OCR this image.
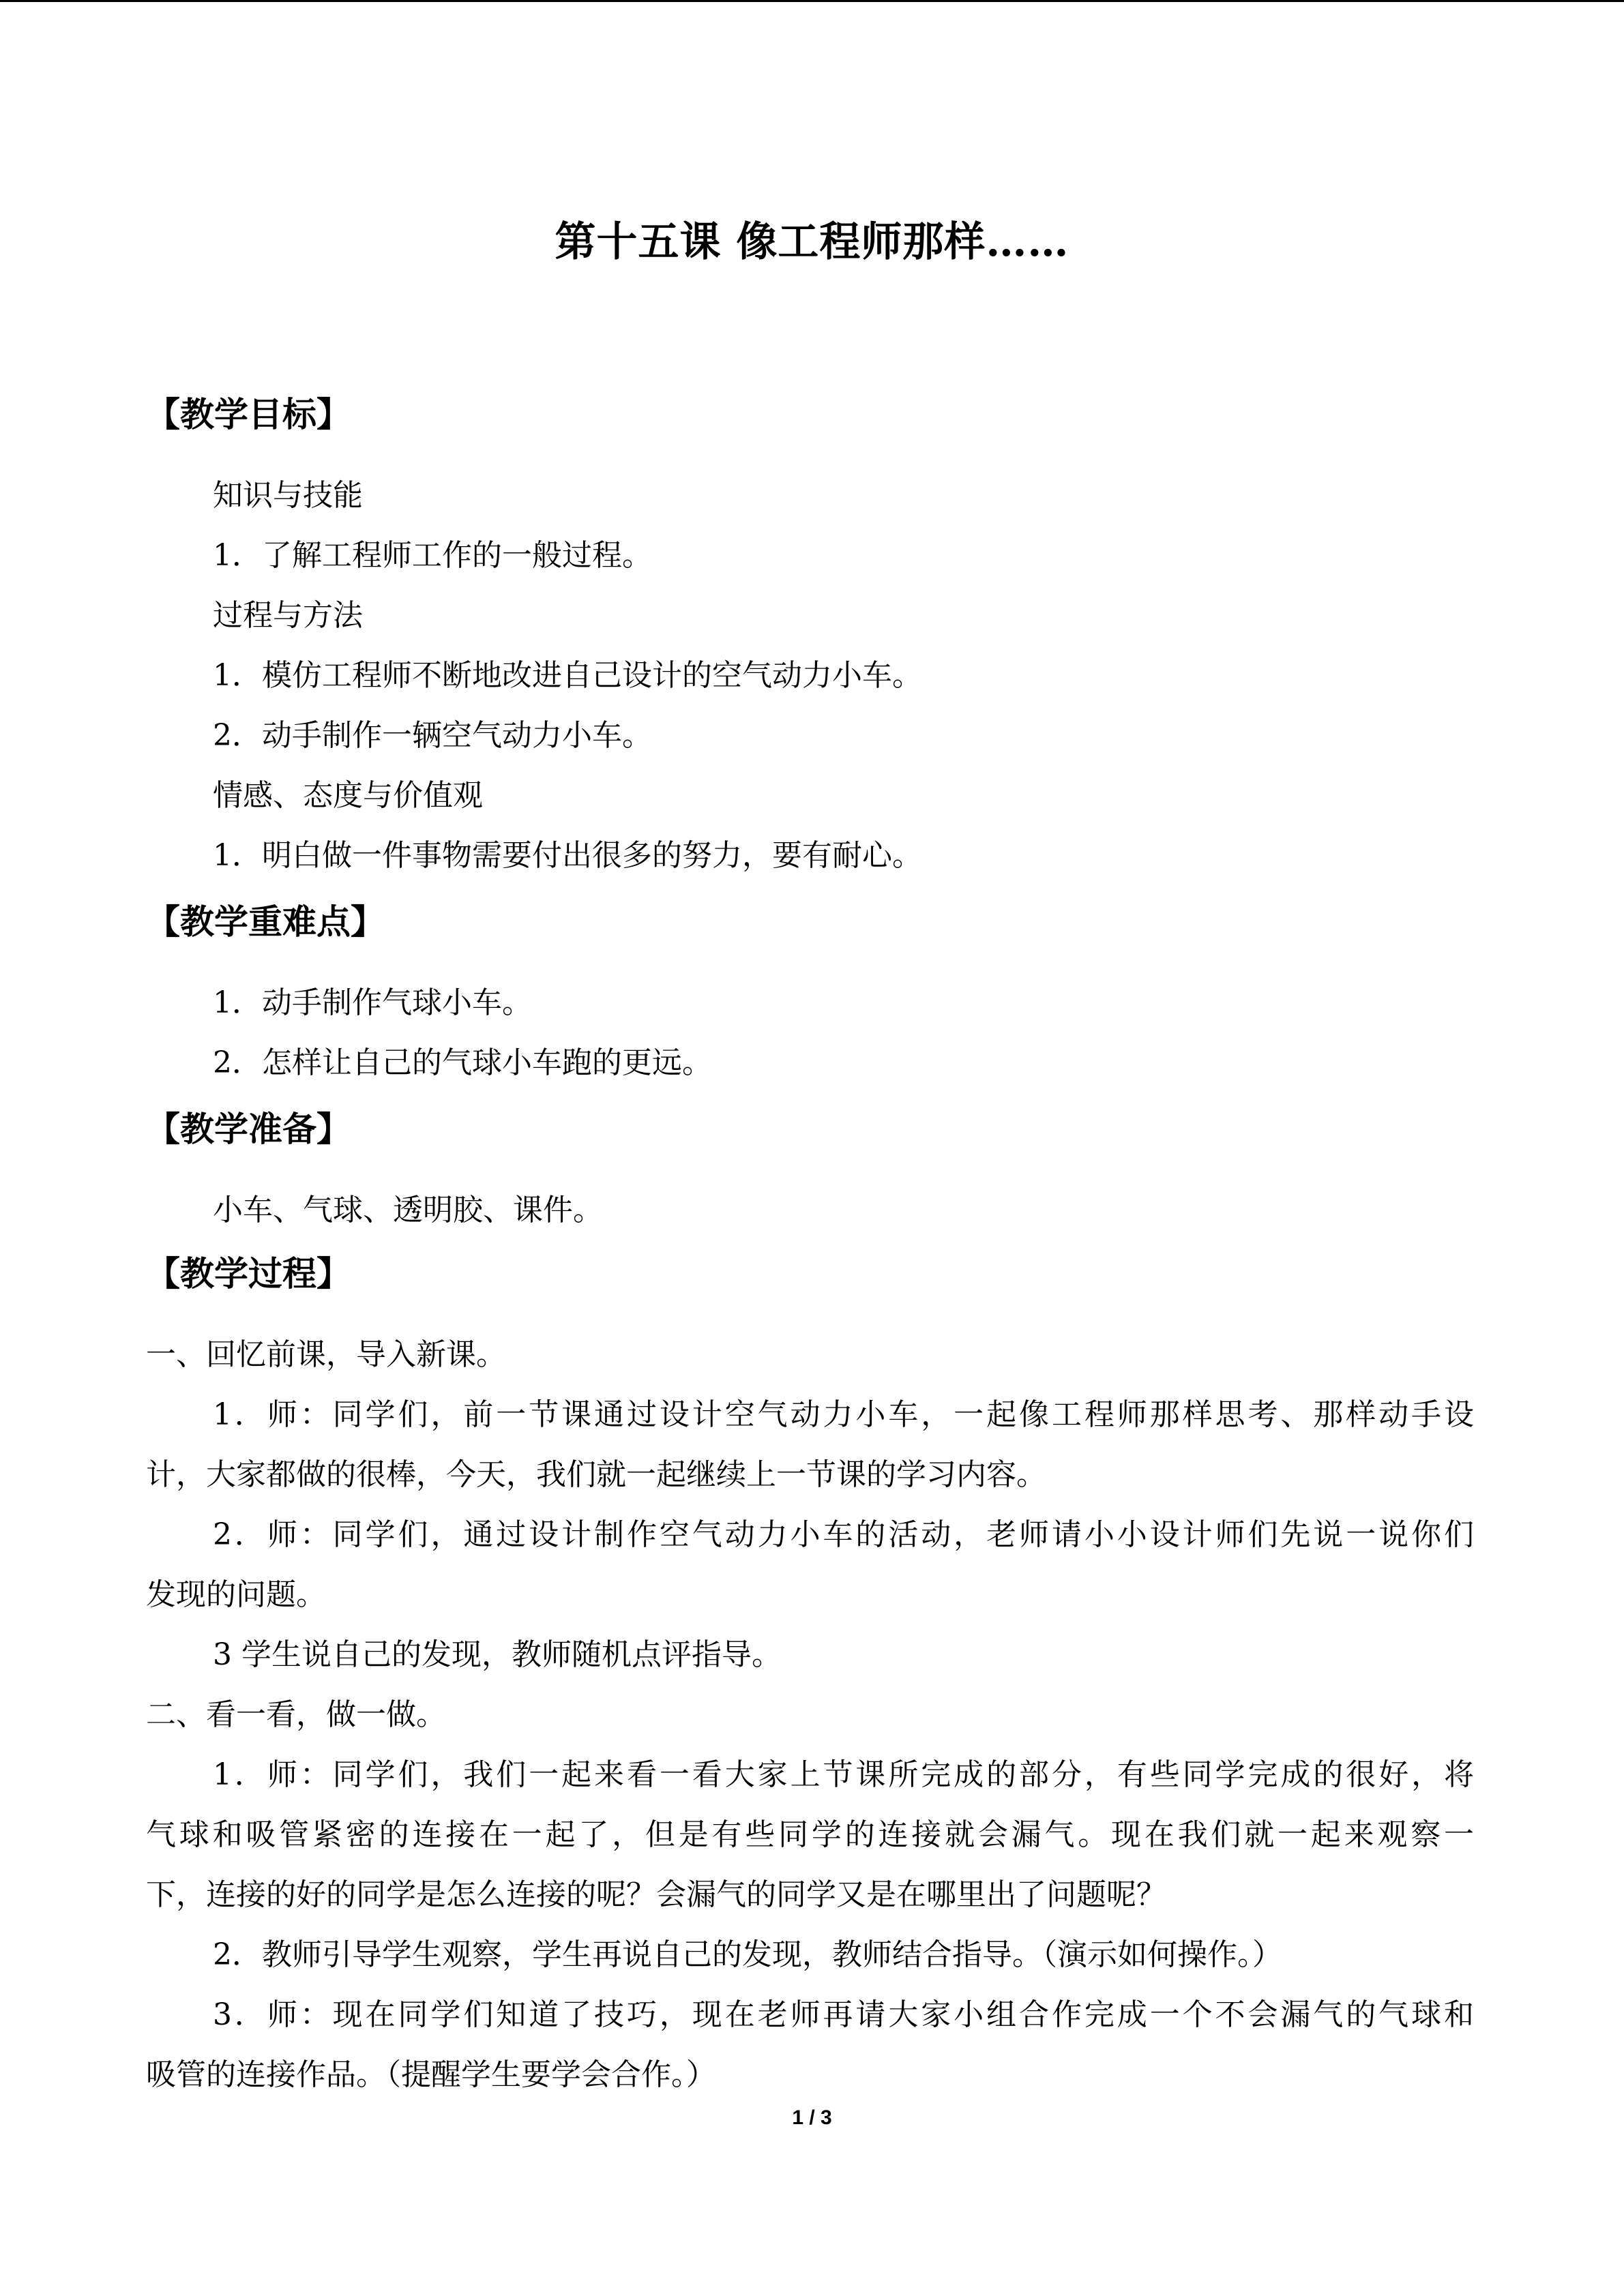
第十五课 像工程师那样……
【教学目标】
知识与技能
1．了解工程师工作的一般过程。
过程与方法
1．模仿工程师不断地改进自己设计的空气动力小车。
2．动手制作一辆空气动力小车。
情感、态度与价值观
1．明白做一件事物需要付出很多的努力，要有耐心。
【教学重难点】
1．动手制作气球小车。
2．怎样让自己的气球小车跑的更远。
【教学准备】
小车、气球、透明胶、课件。
【教学过程】
一、回忆前课，导入新课。
1．师：同学们，前一节课通过设计空气动力小车，一起像工程师那样思考、那样动手设
计，大家都做的很棒，今天，我们就一起继续上一节课的学习内容。
2．师：同学们，通过设计制作空气动力小车的活动，老师请小小设计师们先说一说你们
发现的问题。
3 学生说自己的发现，教师随机点评指导。
二、看一看，做一做。
1．师：同学们，我们一起来看一看大家上节课所完成的部分，有些同学完成的很好，将
气球和吸管紧密的连接在一起了，但是有些同学的连接就会漏气。现在我们就一起来观察一
下，连接的好的同学是怎么连接的呢？会漏气的同学又是在哪里出了问题呢？
2．教师引导学生观察，学生再说自己的发现，教师结合指导。（演示如何操作。）
3．师：现在同学们知道了技巧，现在老师再请大家小组合作完成一个不会漏气的气球和
吸管的连接作品。（提醒学生要学会合作。）
1 / 3
